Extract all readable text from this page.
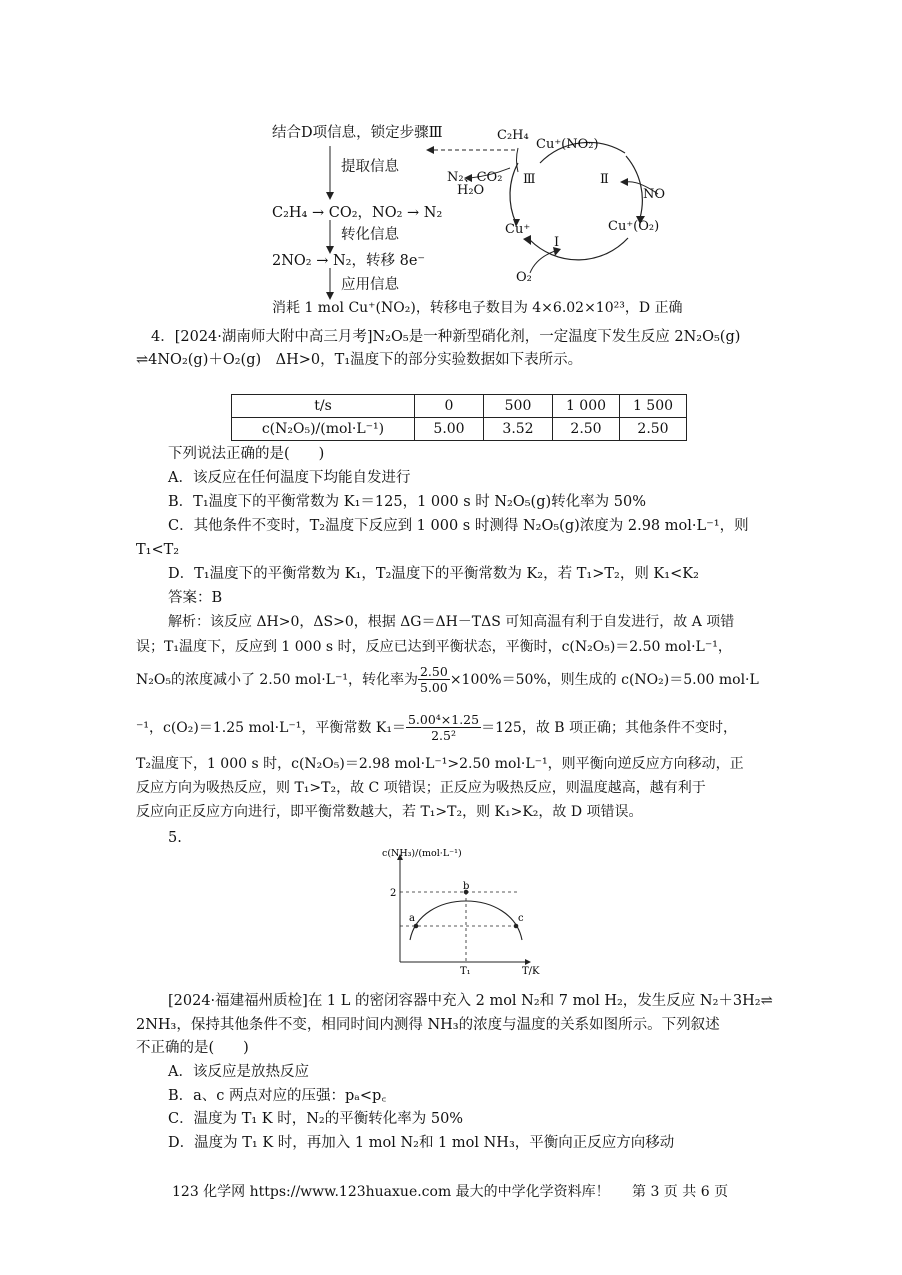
结合D项信息，锁定步骤Ⅲ
提取信息
C₂H₄ → CO₂，NO₂ → N₂
转化信息
2NO₂ → N₂，转移 8e⁻
应用信息
消耗 1 mol Cu⁺(NO₂)，转移电子数目为 4×6.02×10²³，D 正确
C₂H₄
Cu⁺(NO₂)
N₂、CO₂
H₂O
Ⅲ	Ⅱ
NO
Cu⁺
Ⅰ
Cu⁺(O₂)
O₂
4．[2024·湖南师大附中高三月考]N₂O₅是一种新型硝化剂，一定温度下发生反应 2N₂O₅(g)
⇌4NO₂(g)＋O₂(g)　ΔH>0，T₁温度下的部分实验数据如下表所示。
t/s	0	500	1 000	1 500
c(N₂O₅)/(mol·L⁻¹)	5.00	3.52	2.50	2.50
下列说法正确的是(　　)
A．该反应在任何温度下均能自发进行
B．T₁温度下的平衡常数为 K₁＝125，1 000 s 时 N₂O₅(g)转化率为 50%
C．其他条件不变时，T₂温度下反应到 1 000 s 时测得 N₂O₅(g)浓度为 2.98 mol·L⁻¹，则
T₁<T₂
D．T₁温度下的平衡常数为 K₁，T₂温度下的平衡常数为 K₂，若 T₁>T₂，则 K₁<K₂
答案：B
解析：该反应 ΔH>0，ΔS>0，根据 ΔG＝ΔH－TΔS 可知高温有利于自发进行，故 A 项错
误；T₁温度下，反应到 1 000 s 时，反应已达到平衡状态，平衡时，c(N₂O₅)＝2.50 mol·L⁻¹，
N₂O₅的浓度减小了 2.50 mol·L⁻¹，转化率为 $\frac{2.50}{5.00} \times 100\%=50\%$，则生成的 c(NO₂)＝5.00 mol·L
⁻¹，c(O₂)＝1.25 mol·L⁻¹，平衡常数 $K_1= \frac{\text{5.00⁴×1.25}}{\text{2.5²}} =125$，故 B 项正确；其他条件不变时，
T₂温度下，1 000 s 时，c(N₂O₅)＝2.98 mol·L⁻¹>2.50 mol·L⁻¹，则平衡向逆反应方向移动，正
反应方向为吸热反应，则 T₁>T₂，故 C 项错误；正反应为吸热反应，则温度越高，越有利于
反应向正反应方向进行，即平衡常数越大，若 T₁>T₂，则 K₁>K₂，故 D 项错误。
5.
c(NH₃)/(mol·L⁻¹)
2
a
b
c
T₁	T/K
[2024·福建福州质检]在 1 L 的密闭容器中充入 2 mol N₂和 7 mol H₂，发生反应 N₂＋3H₂⇌
2NH₃，保持其他条件不变，相同时间内测得 NH₃的浓度与温度的关系如图所示。下列叙述
不正确的是(　　)
A．该反应是放热反应
B．a、c 两点对应的压强：pₐ<p꜀
C．温度为 T₁ K 时，N₂的平衡转化率为 50%
D．温度为 T₁ K 时，再加入 1 mol N₂和 1 mol NH₃，平衡向正反应方向移动
123 化学网 https://www.123huaxue.com 最大的中学化学资料库！ 第 3 页 共 6 页
